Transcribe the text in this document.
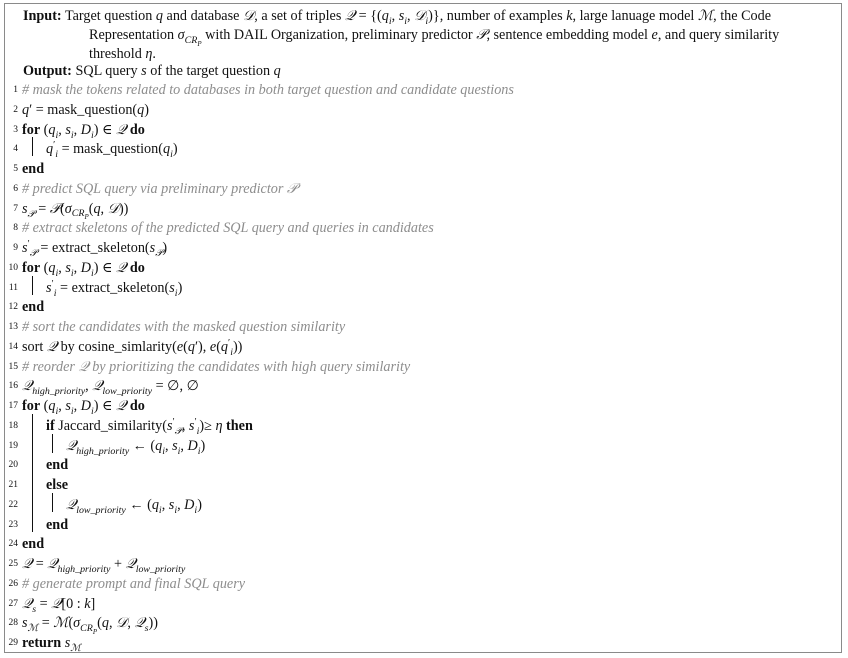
Input: Target question q and database 𝒟, a set of triples 𝒬 = {($q_i$, $s_i$, 𝒟$_i$)}, number of examples k, large lanuage model ℳ, the Code Representation $\sigma_{CR_P}$ with DAIL Organization, preliminary predictor 𝒫, sentence embedding model e, and query similarity threshold η.
Output: SQL query s of the target question q
1 # mask the tokens related to databases in both target question and candidate questions
2 q′ = mask_question(q)
3 for ($q_i$, $s_i$, $D_i$) ∈ 𝒬 do
4 $q'_i$ = $mask\_question(q_i)$
5 end
6 # predict SQL query via preliminary predictor 𝒫
7 $s_𝒫$ = $𝒫(\sigma_{CR_P}(q$, 𝒟))
8 # extract skeletons of the predicted SQL query and queries in candidates
9 $s'_𝒫$ = $extract\_skeleton(s_𝒫)$
10 for ($q_i$, $s_i$, $D_i$) ∈ 𝒬 do
11 $s'_i$ = $extract\_skeleton(s_i)$
12 end
13 # sort the candidates with the masked question similarity
14 sort 𝒬 by cosine_simlarity(e(q′), $e(q'_i)$)
15 # reorder 𝒬 by prioritizing the candidates with high query similarity
16 𝒬$_{high\_priority}$, 𝒬$_{low\_priority}$ = ∅, ∅
17 for ($q_i$, $s_i$, $D_i$) ∈ 𝒬 do
18 if $Jaccard\_similarity(s'_𝒫$, $s'_i)\ge \eta$ then
19	𝒬$_{high\_priority}$ ← ($q_i$, $s_i$, $D_i$)
20 end
21 else
22	𝒬$_{low\_priority}$ ← ($q_i$, $s_i$, $D_i$)
23 end
24 end
25 𝒬 = 𝒬$_{high\_priority}$ + 𝒬$_{low\_priority}$
26 # generate prompt and final SQL query
27 𝒬$_s$ = 𝒬[0 : k]
28 $s_ℳ$ = $ℳ(\sigma_{CR_P}(q$, 𝒟, 𝒬$_s$))
29 return $s_ℳ$
